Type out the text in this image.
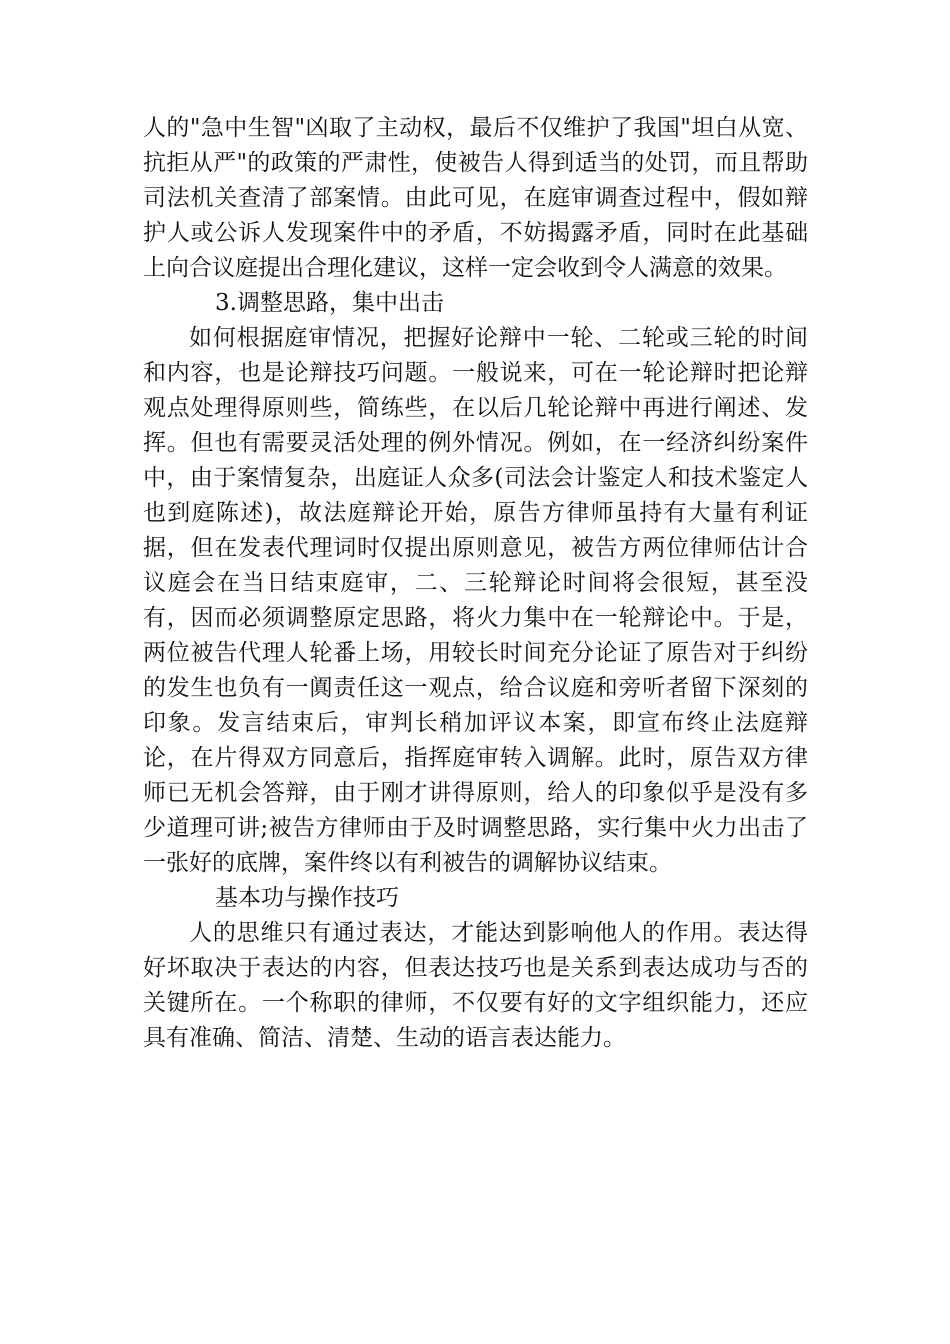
人的"急中生智"凶取了主动权，最后不仅维护了我国"坦白从宽、抗拒从严"的政策的严肃性，使被告人得到适当的处罚，而且帮助司法机关查清了部案情。由此可见，在庭审调查过程中，假如辩护人或公诉人发现案件中的矛盾，不妨揭露矛盾，同时在此基础上向合议庭提出合理化建议，这样一定会收到令人满意的效果。

3.调整思路，集中出击

如何根据庭审情况，把握好论辩中一轮、二轮或三轮的时间和内容，也是论辩技巧问题。一般说来，可在一轮论辩时把论辩观点处理得原则些，简练些，在以后几轮论辩中再进行阐述、发挥。但也有需要灵活处理的例外情况。例如，在一经济纠纷案件中，由于案情复杂，出庭证人众多(司法会计鉴定人和技术鉴定人也到庭陈述)，故法庭辩论开始，原告方律师虽持有大量有利证据，但在发表代理词时仅提出原则意见，被告方两位律师估计合议庭会在当日结束庭审，二、三轮辩论时间将会很短，甚至没有，因而必须调整原定思路，将火力集中在一轮辩论中。于是，两位被告代理人轮番上场，用较长时间充分论证了原告对于纠纷的发生也负有一阗责任这一观点，给合议庭和旁听者留下深刻的印象。发言结束后，审判长稍加评议本案，即宣布终止法庭辩论，在片得双方同意后，指挥庭审转入调解。此时，原告双方律师已无机会答辩，由于刚才讲得原则，给人的印象似乎是没有多少道理可讲;被告方律师由于及时调整思路，实行集中火力出击了一张好的底牌，案件终以有利被告的调解协议结束。

基本功与操作技巧

人的思维只有通过表达，才能达到影响他人的作用。表达得好坏取决于表达的内容，但表达技巧也是关系到表达成功与否的关键所在。一个称职的律师，不仅要有好的文字组织能力，还应具有准确、简洁、清楚、生动的语言表达能力。
